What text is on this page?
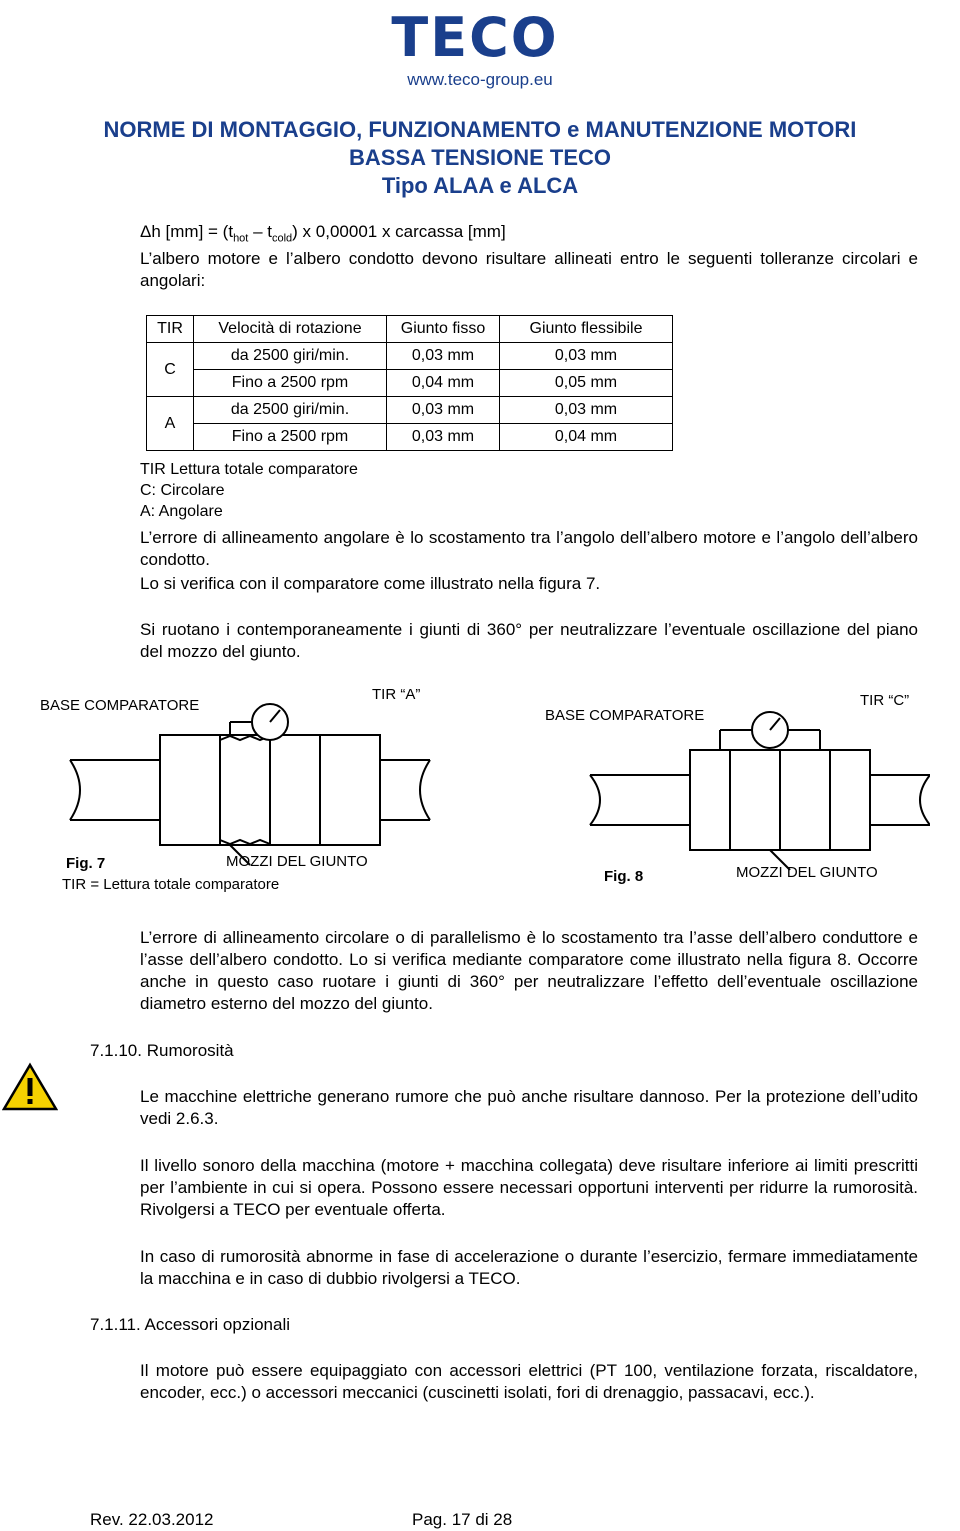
TECO
www.teco-group.eu
NORME DI MONTAGGIO, FUNZIONAMENTO e MANUTENZIONE MOTORI
BASSA TENSIONE TECO
Tipo ALAA e ALCA
Δh $[mm] = (t_{hot} - t_{cold})$ x 0,00001 x carcassa [mm]
L’albero motore e l’albero condotto devono risultare allineati entro le seguenti tolleranze circolari e angolari:
TIR	Velocità di rotazione	Giunto fisso	Giunto flessibile
C	da 2500 giri/min.	0,03 mm	0,03 mm
	Fino a 2500 rpm	0,04 mm	0,05 mm
A	da 2500 giri/min.	0,03 mm	0,03 mm
	Fino a 2500 rpm	0,03 mm	0,04 mm
TIR Lettura totale comparatore
C: Circolare
A: Angolare
L’errore di allineamento angolare è lo scostamento tra l’angolo dell’albero motore e l’angolo dell’albero condotto.
Lo si verifica con il comparatore come illustrato nella figura 7.
Si ruotano i contemporaneamente i giunti di 360° per neutralizzare l’eventuale oscillazione del piano del mozzo del giunto.
BASE COMPARATORE
TIR “A”
Fig. 7	MOZZI DEL GIUNTO
TIR = Lettura totale comparatore
BASE COMPARATORE
TIR “C”
Fig. 8	MOZZI DEL GIUNTO
L’errore di allineamento circolare o di parallelismo è lo scostamento tra l’asse dell’albero conduttore e l’asse dell’albero condotto. Lo si verifica mediante comparatore come illustrato nella figura 8. Occorre anche in questo caso ruotare i giunti di 360° per neutralizzare l’effetto dell’eventuale oscillazione diametro esterno del mozzo del giunto.
7.1.10. Rumorosità
Le macchine elettriche generano rumore che può anche risultare dannoso. Per la protezione dell’udito vedi 2.6.3.
Il livello sonoro della macchina (motore + macchina collegata) deve risultare inferiore ai limiti prescritti per l’ambiente in cui si opera. Possono essere necessari opportuni interventi per ridurre la rumorosità. Rivolgersi a TECO per eventuale offerta.
In caso di rumorosità abnorme in fase di accelerazione o durante l’esercizio, fermare immediatamente la macchina e in caso di dubbio rivolgersi a TECO.
7.1.11. Accessori opzionali
Il motore può essere equipaggiato con accessori elettrici (PT 100, ventilazione forzata, riscaldatore, encoder, ecc.) o accessori meccanici (cuscinetti isolati, fori di drenaggio, passacavi, ecc.).
Rev. 22.03.2012	Pag. 17 di 28
